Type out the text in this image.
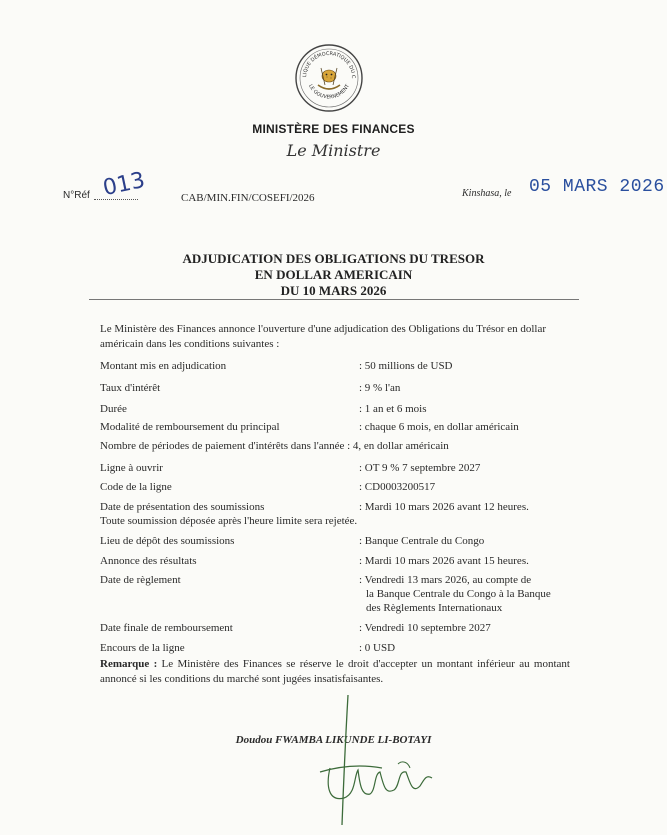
LIQUE DÉMOCRATIQUE DU C
LE GOUVERNEMENT
MINISTÈRE DES FINANCES
Le Ministre
N°Réf 013	CAB/MIN.FIN/COSEFI/2026	Kinshasa, le 05 MARS 2026
ADJUDICATION DES OBLIGATIONS DU TRESOR
EN DOLLAR AMERICAIN
DU 10 MARS 2026
Le Ministère des Finances annonce l'ouverture d'une adjudication des Obligations du Trésor en dollar américain dans les conditions suivantes :
Montant mis en adjudication	: 50 millions de USD
Taux d'intérêt	: 9 % l'an
Durée	: 1 an et 6 mois
Modalité de remboursement du principal	: chaque 6 mois, en dollar américain
Nombre de périodes de paiement d'intérêts dans l'année : 4, en dollar américain
Ligne à ouvrir	: OT 9 % 7 septembre 2027
Code de la ligne	: CD0003200517
Date de présentation des soumissions	: Mardi 10 mars 2026 avant 12 heures.
Toute soumission déposée après l'heure limite sera rejetée.
Lieu de dépôt des soumissions	: Banque Centrale du Congo
Annonce des résultats	: Mardi 10 mars 2026 avant 15 heures.
Date de règlement	: Vendredi 13 mars 2026, au compte de
la Banque Centrale du Congo à la Banque
des Règlements Internationaux
Date finale de remboursement	: Vendredi 10 septembre 2027
Encours de la ligne	: 0 USD
Remarque : Le Ministère des Finances se réserve le droit d'accepter un montant inférieur au montant annoncé si les conditions du marché sont jugées insatisfaisantes.
Doudou FWAMBA LIKUNDE LI-BOTAYI
